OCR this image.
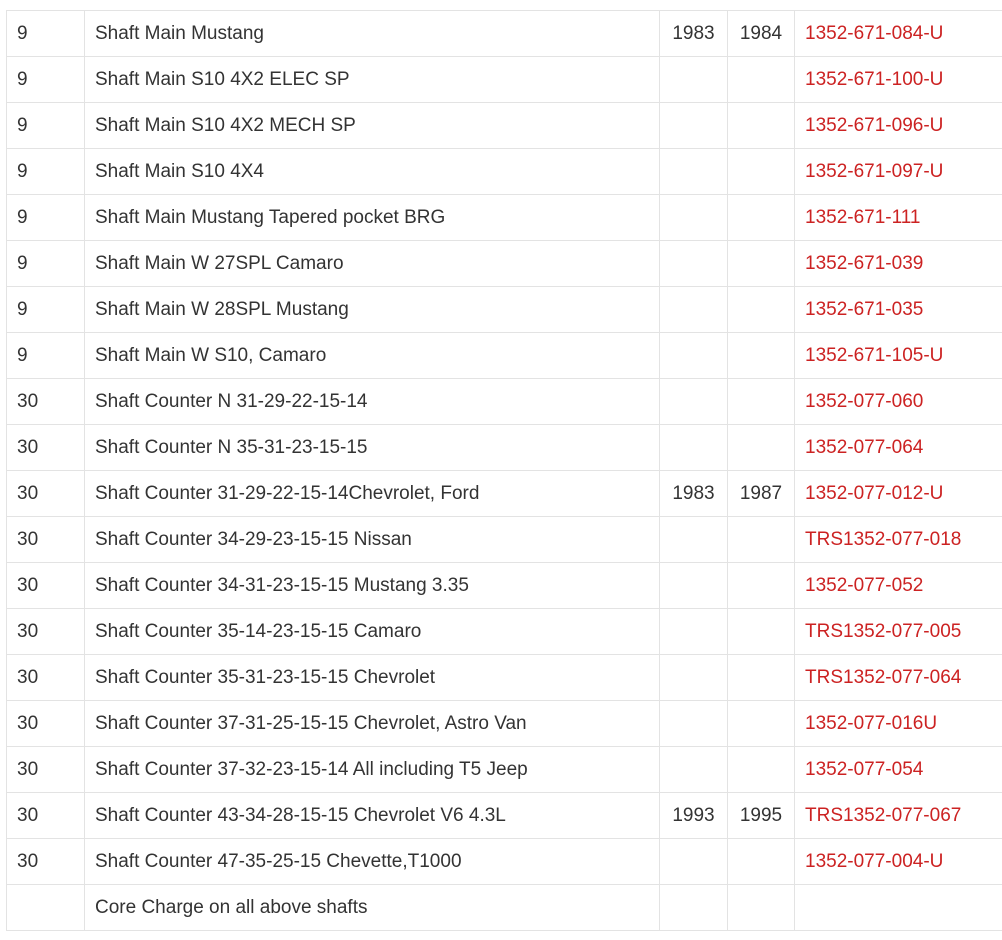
9	Shaft Main Mustang	1983	1984	1352-671-084-U
9	Shaft Main S10 4X2 ELEC SP			1352-671-100-U
9	Shaft Main S10 4X2 MECH SP			1352-671-096-U
9	Shaft Main S10 4X4			1352-671-097-U
9	Shaft Main Mustang Tapered pocket BRG			1352-671-111
9	Shaft Main W 27SPL Camaro			1352-671-039
9	Shaft Main W 28SPL Mustang			1352-671-035
9	Shaft Main W S10, Camaro			1352-671-105-U
30	Shaft Counter N 31-29-22-15-14			1352-077-060
30	Shaft Counter N 35-31-23-15-15			1352-077-064
30	Shaft Counter 31-29-22-15-14Chevrolet, Ford	1983	1987	1352-077-012-U
30	Shaft Counter 34-29-23-15-15 Nissan			TRS1352-077-018
30	Shaft Counter 34-31-23-15-15 Mustang 3.35			1352-077-052
30	Shaft Counter 35-14-23-15-15 Camaro			TRS1352-077-005
30	Shaft Counter 35-31-23-15-15 Chevrolet			TRS1352-077-064
30	Shaft Counter 37-31-25-15-15 Chevrolet, Astro Van			1352-077-016U
30	Shaft Counter 37-32-23-15-14 All including T5 Jeep			1352-077-054
30	Shaft Counter 43-34-28-15-15 Chevrolet V6 4.3L	1993	1995	TRS1352-077-067
30	Shaft Counter 47-35-25-15 Chevette,T1000			1352-077-004-U
	Core Charge on all above shafts			
